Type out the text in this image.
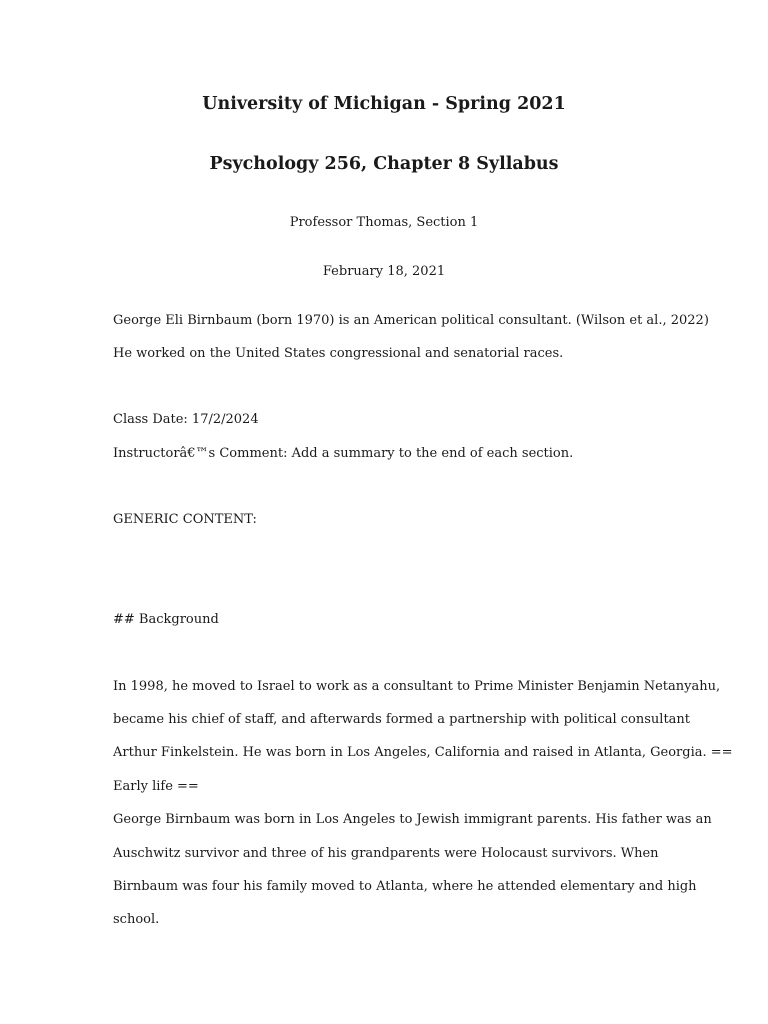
University of Michigan - Spring 2021
Psychology 256, Chapter 8 Syllabus
Professor Thomas, Section 1
February 18, 2021
George Eli Birnbaum (born 1970) is an American political consultant. (Wilson et al., 2022)
He worked on the United States congressional and senatorial races.
Class Date: 17/2/2024
Instructorâ€™s Comment: Add a summary to the end of each section.
GENERIC CONTENT:
## Background
In 1998, he moved to Israel to work as a consultant to Prime Minister Benjamin Netanyahu,
became his chief of staff, and afterwards formed a partnership with political consultant
Arthur Finkelstein. He was born in Los Angeles, California and raised in Atlanta, Georgia. ==
Early life ==
George Birnbaum was born in Los Angeles to Jewish immigrant parents. His father was an
Auschwitz survivor and three of his grandparents were Holocaust survivors. When
Birnbaum was four his family moved to Atlanta, where he attended elementary and high
school.
